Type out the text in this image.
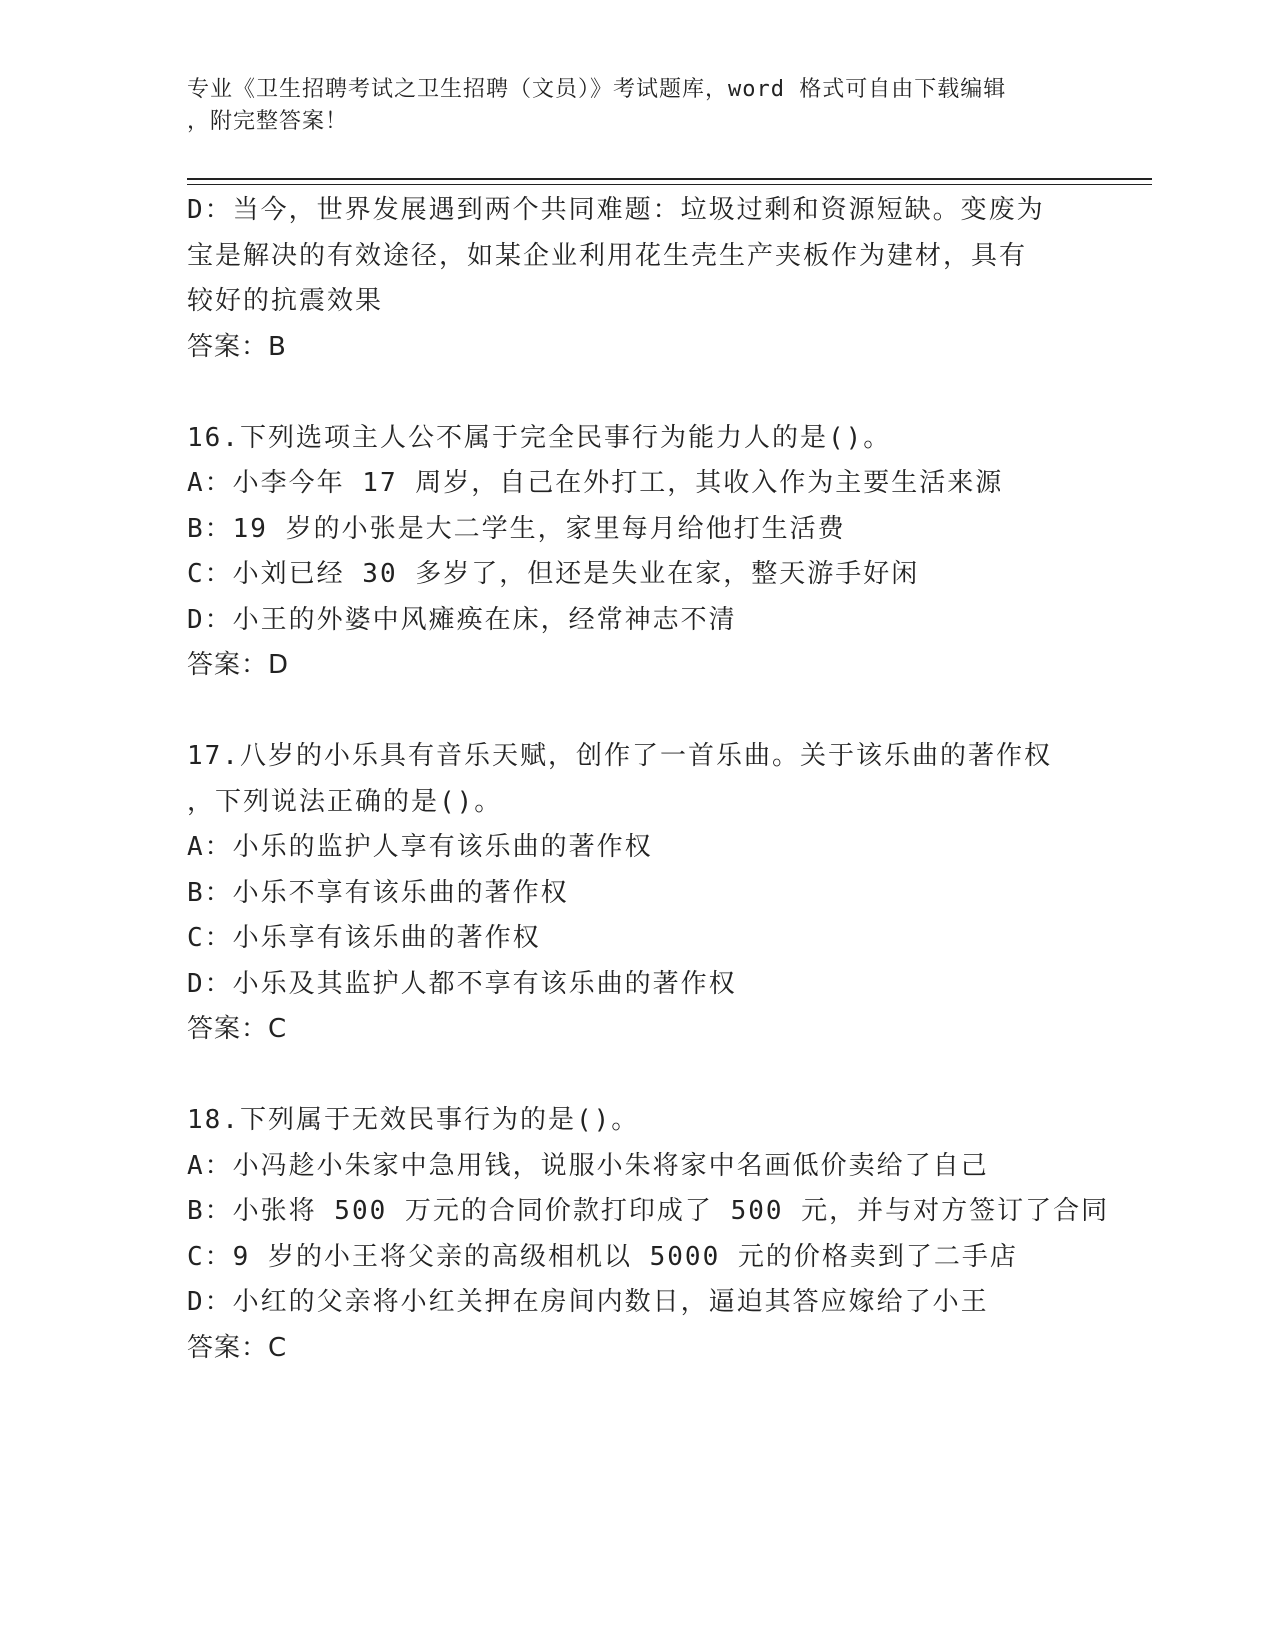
专业《卫生招聘考试之卫生招聘（文员）》考试题库，word 格式可自由下载编辑
，附完整答案！
D：当今，世界发展遇到两个共同难题：垃圾过剩和资源短缺。变废为
宝是解决的有效途径，如某企业利用花生壳生产夹板作为建材，具有
较好的抗震效果
答案：B
16.下列选项主人公不属于完全民事行为能力人的是()。
A：小李今年 17 周岁，自己在外打工，其收入作为主要生活来源
B：19 岁的小张是大二学生，家里每月给他打生活费
C：小刘已经 30 多岁了，但还是失业在家，整天游手好闲
D：小王的外婆中风瘫痪在床，经常神志不清
答案：D
17.八岁的小乐具有音乐天赋，创作了一首乐曲。关于该乐曲的著作权
，下列说法正确的是()。
A：小乐的监护人享有该乐曲的著作权
B：小乐不享有该乐曲的著作权
C：小乐享有该乐曲的著作权
D：小乐及其监护人都不享有该乐曲的著作权
答案：C
18.下列属于无效民事行为的是()。
A：小冯趁小朱家中急用钱，说服小朱将家中名画低价卖给了自己
B：小张将 500 万元的合同价款打印成了 500 元，并与对方签订了合同
C：9 岁的小王将父亲的高级相机以 5000 元的价格卖到了二手店
D：小红的父亲将小红关押在房间内数日，逼迫其答应嫁给了小王
答案：C
